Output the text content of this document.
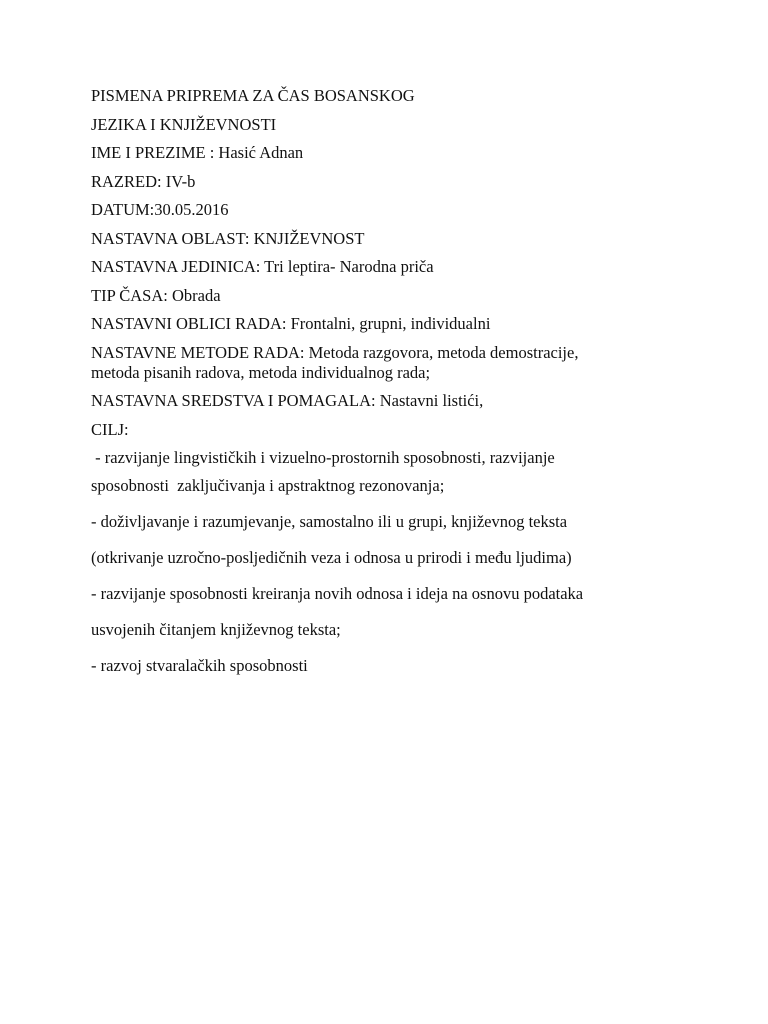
PISMENA PRIPREMA ZA ČAS BOSANSKOG
JEZIKA I KNJIŽEVNOSTI
IME I PREZIME : Hasić Adnan
RAZRED: IV-b
DATUM:30.05.2016
NASTAVNA OBLAST: KNJIŽEVNOST
NASTAVNA JEDINICA: Tri leptira- Narodna priča
TIP ČASA: Obrada
NASTAVNI OBLICI RADA: Frontalni, grupni, individualni
NASTAVNE METODE RADA: Metoda razgovora, metoda demostracije,
metoda pisanih radova, metoda individualnog rada;
NASTAVNA SREDSTVA I POMAGALA: Nastavni listići,
CILJ:
- razvijanje lingvističkih i vizuelno-prostornih sposobnosti, razvijanje
sposobnosti  zaključivanja i apstraktnog rezonovanja;
- doživljavanje i razumjevanje, samostalno ili u grupi, književnog teksta
(otkrivanje uzročno-posljedičnih veza i odnosa u prirodi i među ljudima)
- razvijanje sposobnosti kreiranja novih odnosa i ideja na osnovu podataka
usvojenih čitanjem književnog teksta;
- razvoj stvaralačkih sposobnosti
